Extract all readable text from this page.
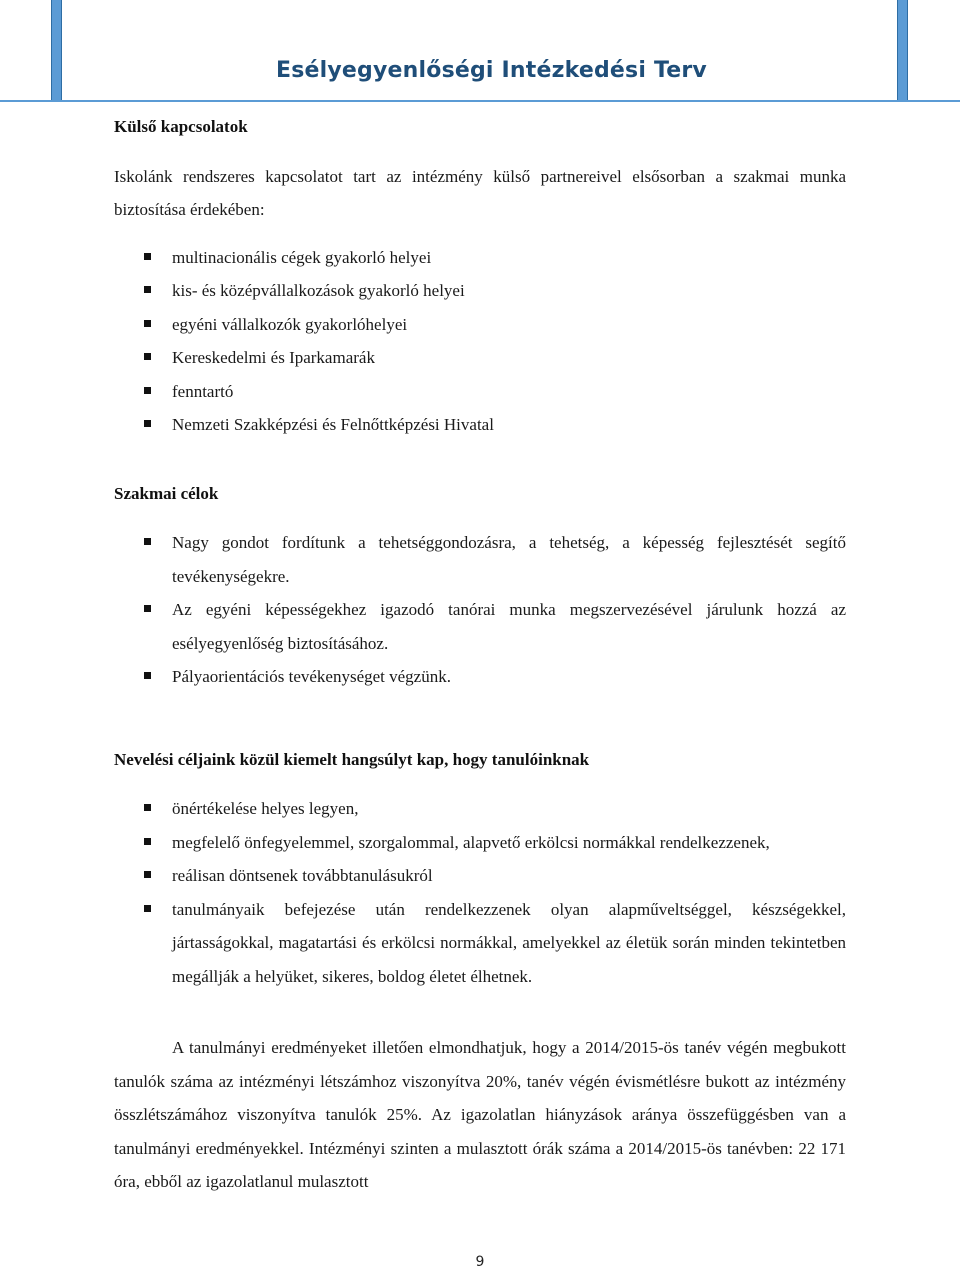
Esélyegyenlőségi Intézkedési Terv

Külső kapcsolatok

Iskolánk rendszeres kapcsolatot tart az intézmény külső partnereivel elsősorban a szakmai munka biztosítása érdekében:

multinacionális cégek gyakorló helyei
kis- és középvállalkozások gyakorló helyei
egyéni vállalkozók gyakorlóhelyei
Kereskedelmi és Iparkamarák
fenntartó
Nemzeti Szakképzési és Felnőttképzési Hivatal

Szakmai célok

Nagy gondot fordítunk a tehetséggondozásra, a tehetség, a képesség fejlesztését segítő tevékenységekre.
Az egyéni képességekhez igazodó tanórai munka megszervezésével járulunk hozzá az esélyegyenlőség biztosításához.
Pályaorientációs tevékenységet végzünk.

Nevelési céljaink közül kiemelt hangsúlyt kap, hogy tanulóinknak

önértékelése helyes legyen,
megfelelő önfegyelemmel, szorgalommal, alapvető erkölcsi normákkal rendelkezzenek,
reálisan döntsenek továbbtanulásukról
tanulmányaik befejezése után rendelkezzenek olyan alapműveltséggel, készségekkel, jártasságokkal, magatartási és erkölcsi normákkal, amelyekkel az életük során minden tekintetben megállják a helyüket, sikeres, boldog életet élhetnek.

A tanulmányi eredményeket illetően elmondhatjuk, hogy a 2014/2015-ös tanév végén megbukott tanulók száma az intézményi létszámhoz viszonyítva 20%, tanév végén évismétlésre bukott az intézmény összlétszámához viszonyítva tanulók 25%. Az igazolatlan hiányzások aránya összefüggésben van a tanulmányi eredményekkel. Intézményi szinten a mulasztott órák száma a 2014/2015-ös tanévben: 22 171 óra, ebből az igazolatlanul mulasztott

9
